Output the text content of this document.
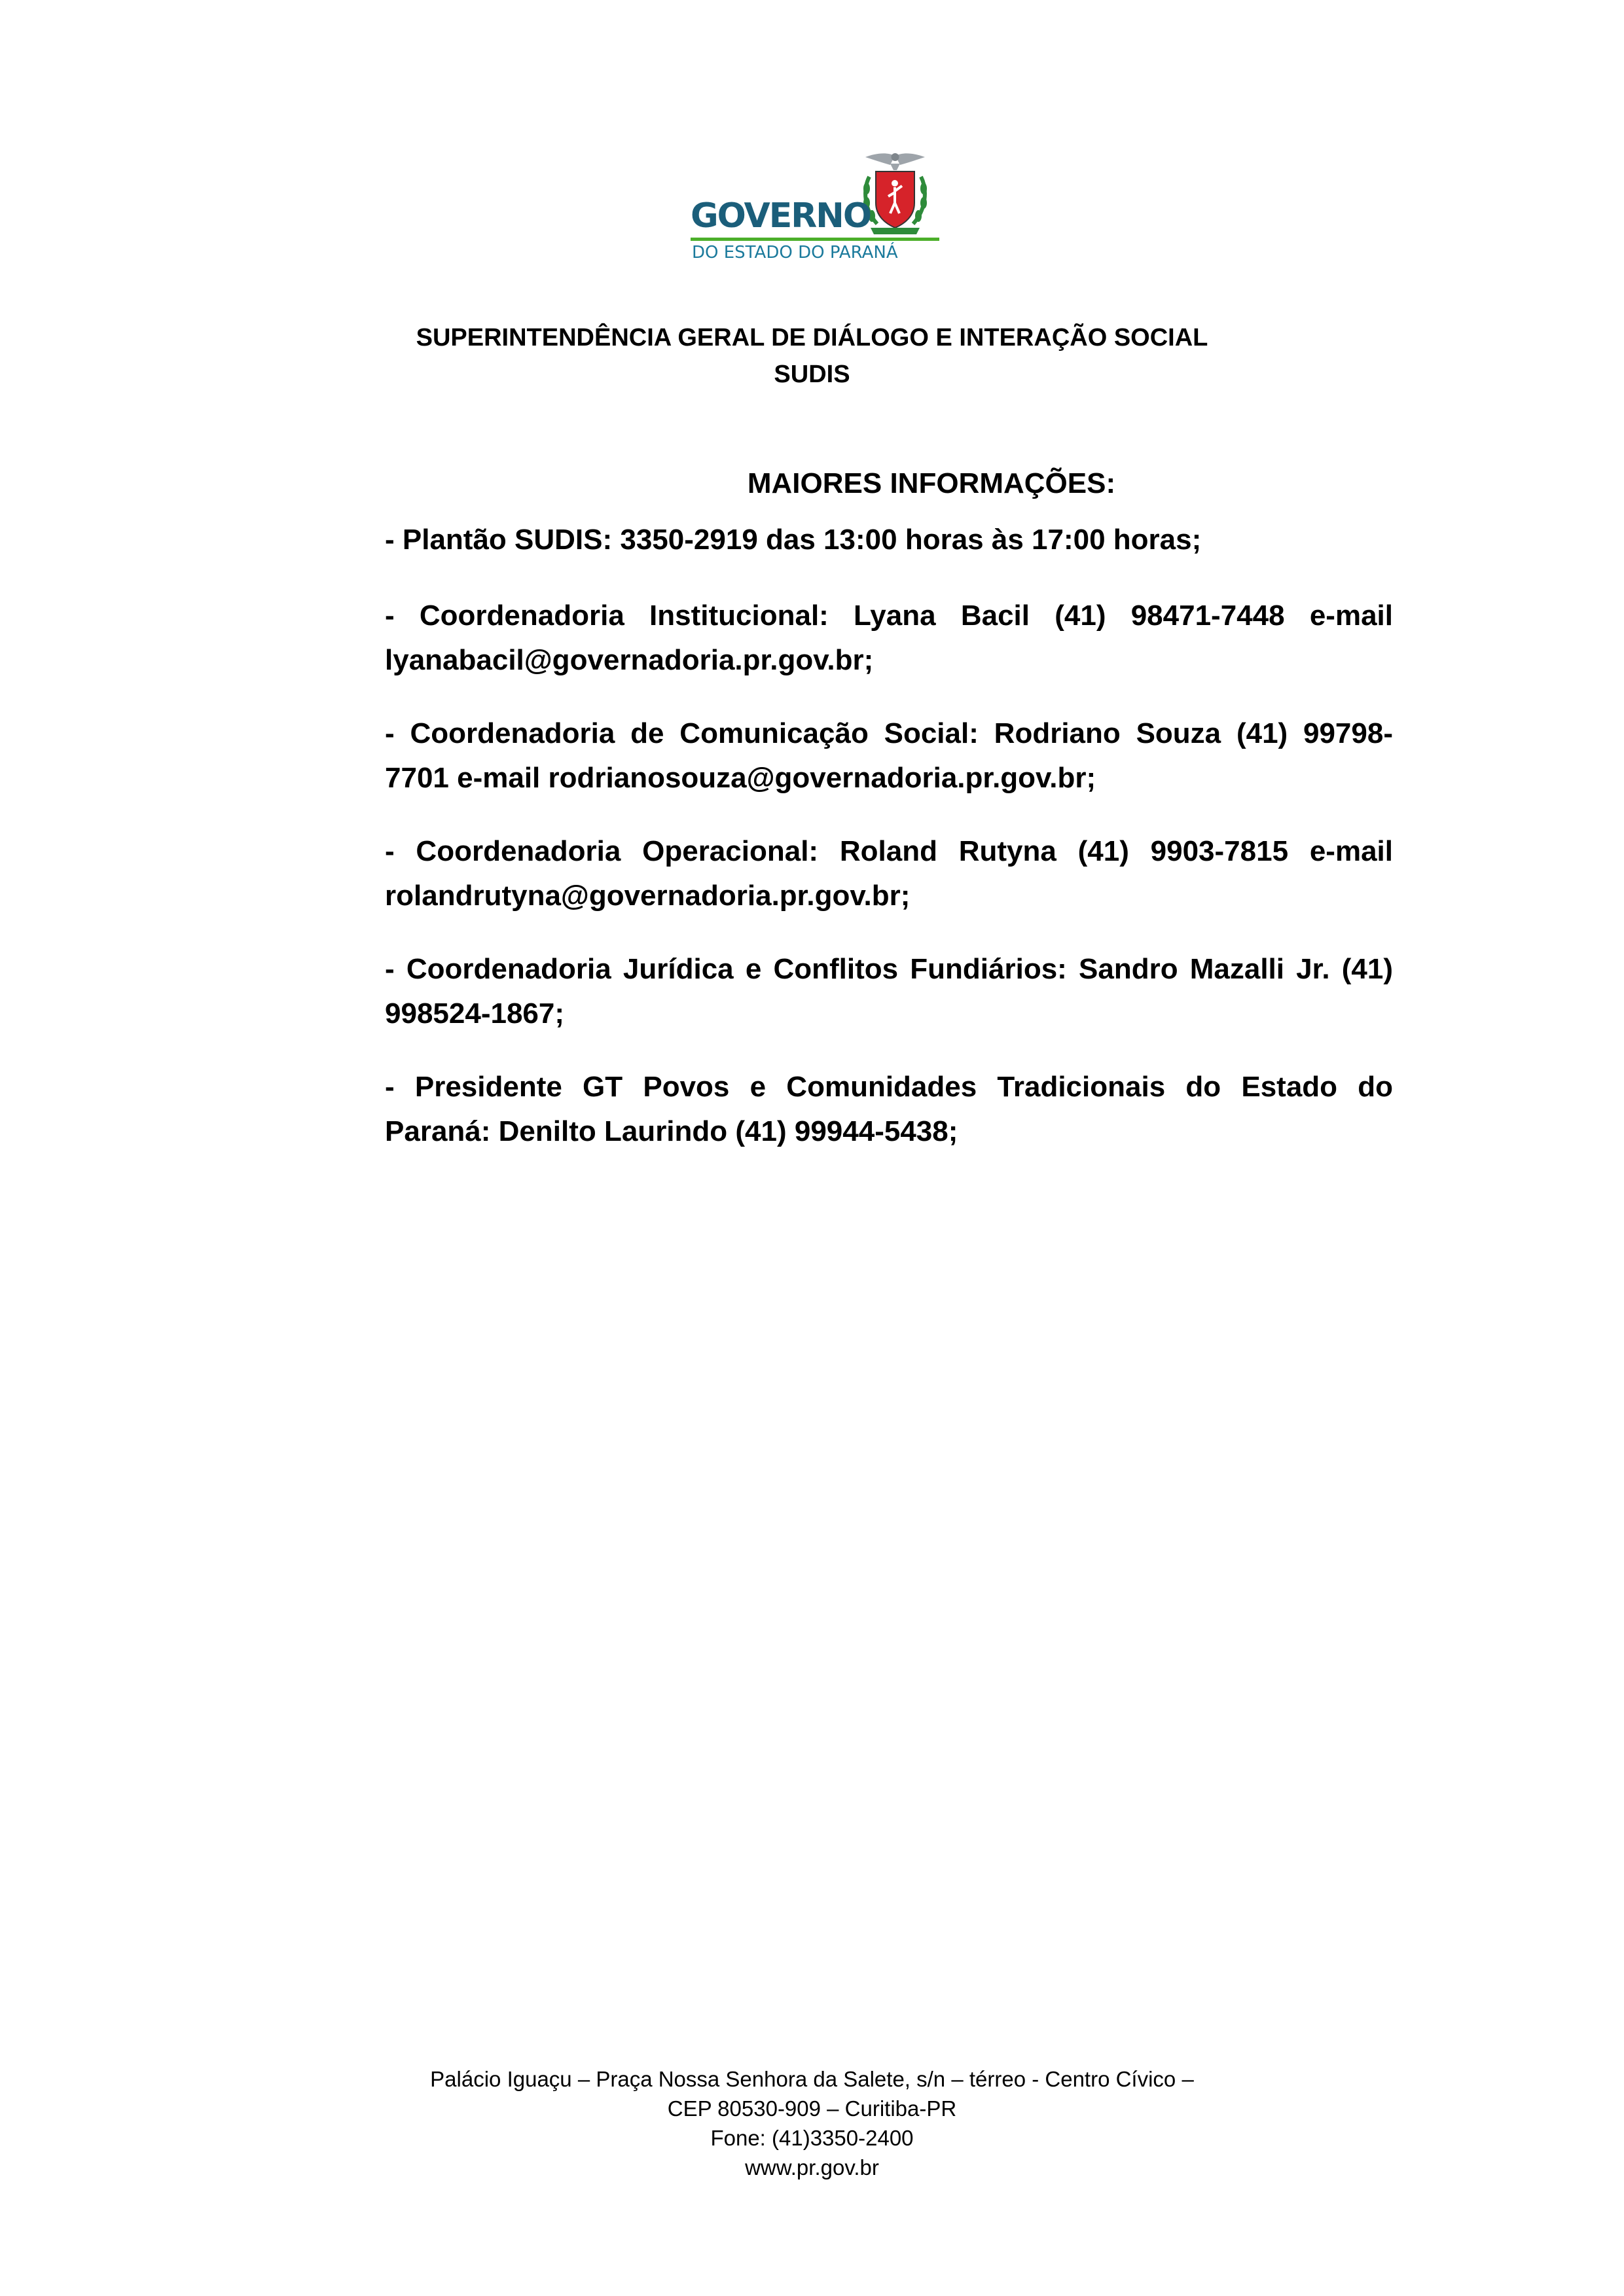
GOVERNO
DO ESTADO DO PARANÁ
SUPERINTENDÊNCIA GERAL DE DIÁLOGO E INTERAÇÃO SOCIAL
SUDIS
MAIORES INFORMAÇÕES:
- Plantão SUDIS: 3350-2919 das 13:00 horas às 17:00 horas;
- Coordenadoria Institucional: Lyana Bacil (41) 98471-7448 e-mail lyanabacil@governadoria.pr.gov.br;
- Coordenadoria de Comunicação Social: Rodriano Souza (41) 99798-7701 e-mail rodrianosouza@governadoria.pr.gov.br;
- Coordenadoria Operacional: Roland Rutyna (41) 9903-7815 e-mail rolandrutyna@governadoria.pr.gov.br;
- Coordenadoria Jurídica e Conflitos Fundiários: Sandro Mazalli Jr. (41) 998524-1867;
- Presidente GT Povos e Comunidades Tradicionais do Estado do Paraná: Denilto Laurindo (41) 99944-5438;
Palácio Iguaçu – Praça Nossa Senhora da Salete, s/n – térreo - Centro Cívico –
CEP 80530-909 – Curitiba-PR
Fone: (41)3350-2400
www.pr.gov.br
